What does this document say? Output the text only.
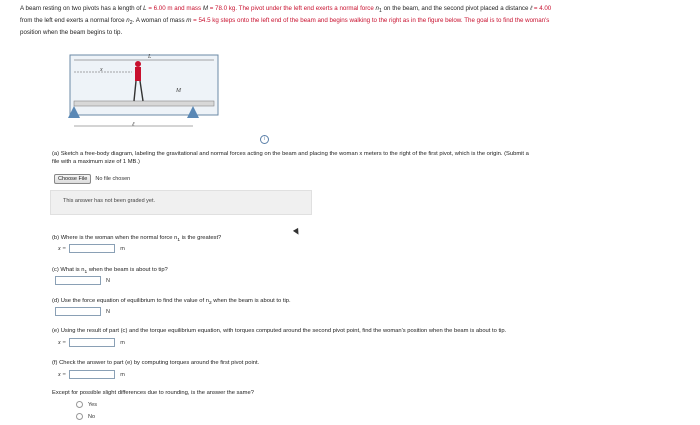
A beam resting on two pivots has a length of L = 6.00 m and mass M = 78.0 kg. The pivot under the left end exerts a normal force $n_1$ on the beam, and the second pivot placed a distance ℓ = 4.00
from the left end exerts a normal force $n_2$. A woman of mass m = 54.5 kg steps onto the left end of the beam and begins walking to the right as in the figure below. The goal is to find the woman's
position when the beam begins to tip.
L
x
M
ℓ
i
(a) Sketch a free-body diagram, labeling the gravitational and normal forces acting on the beam and placing the woman x meters to the right of the first pivot, which is the origin. (Submit a
file with a maximum size of 1 MB.)
Choose File	No file chosen
This answer has not been graded yet.
(b) Where is the woman when the normal force $n_1$ is the greatest?
x =	m
(c) What is $n_1$ when the beam is about to tip?
N
(d) Use the force equation of equilibrium to find the value of $n_2$ when the beam is about to tip.
N
(e) Using the result of part (c) and the torque equilibrium equation, with torques computed around the second pivot point, find the woman's position when the beam is about to tip.
x =	m
(f) Check the answer to part (e) by computing torques around the first pivot point.
x =	m
Except for possible slight differences due to rounding, is the answer the same?
Yes
No
